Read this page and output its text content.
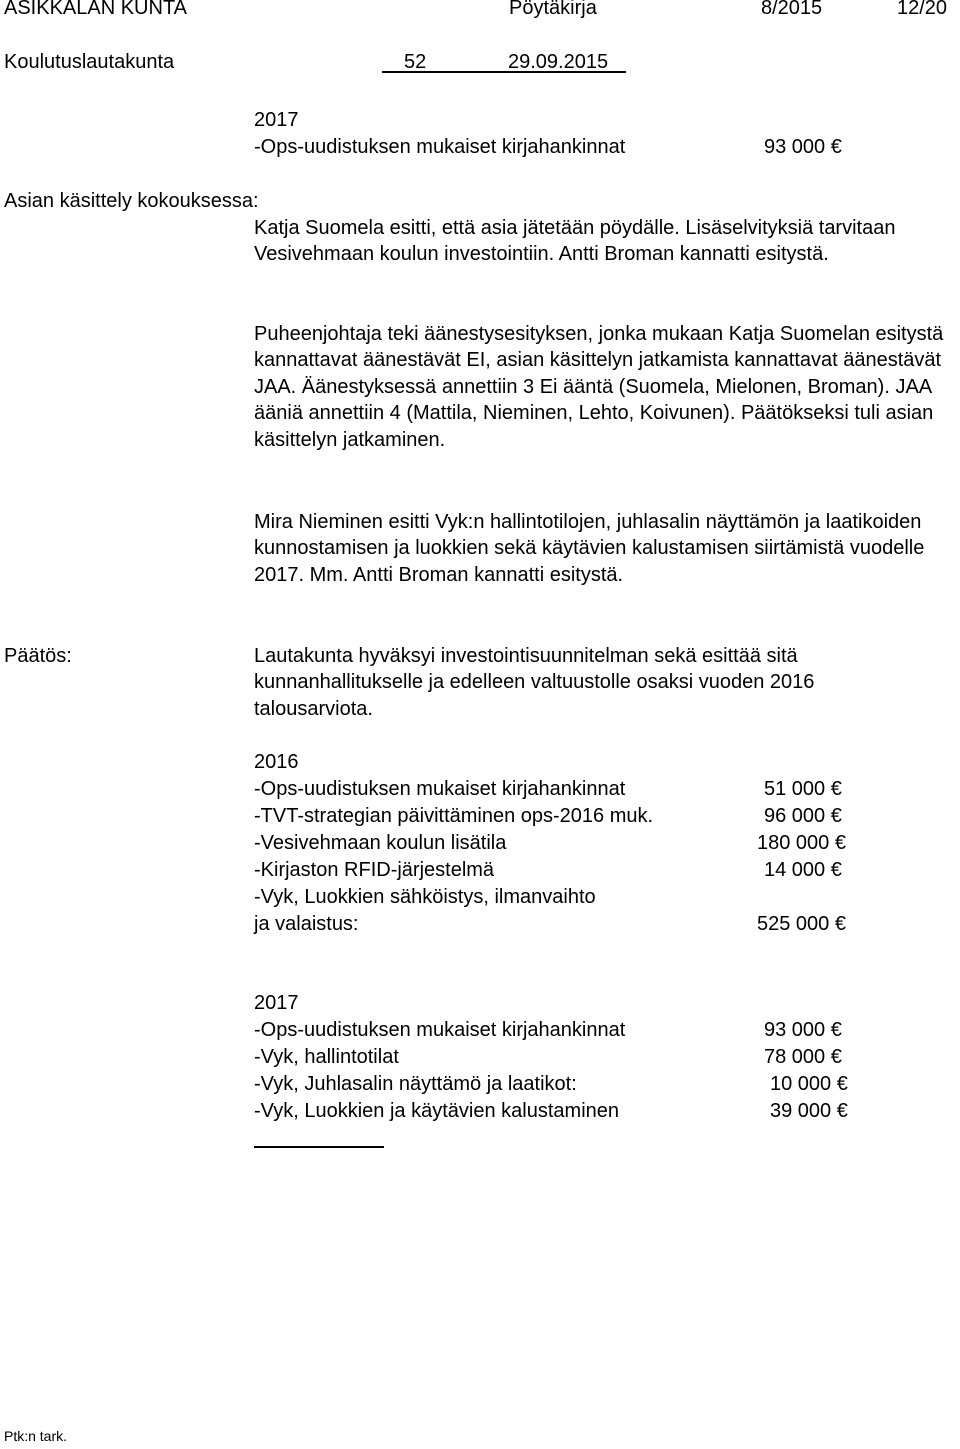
ASIKKALAN KUNTA	Pöytäkirja	8/2015	12/20
Koulutuslautakunta	52	29.09.2015
2017
-Ops-uudistuksen mukaiset kirjahankinnat	93 000 €
Asian käsittely kokouksessa:

Katja Suomela esitti, että asia jätetään pöydälle. Lisäselvityksiä tarvitaan Vesivehmaan koulun investointiin. Antti Broman kannatti esitystä.

Puheenjohtaja teki äänestysesityksen, jonka mukaan Katja Suomelan esitystä kannattavat äänestävät EI, asian käsittelyn jatkamista kannattavat äänestävät JAA. Äänestyksessä annettiin 3 Ei ääntä (Suomela, Mielonen, Broman). JAA ääniä annettiin 4 (Mattila, Nieminen, Lehto, Koivunen). Päätökseksi tuli asian käsittelyn jatkaminen.

Mira Nieminen esitti Vyk:n hallintotilojen, juhlasalin näyttämön ja laatikoiden kunnostamisen ja luokkien sekä käytävien kalustamisen siirtämistä vuodelle 2017. Mm. Antti Broman kannatti esitystä.

Päätös:	Lautakunta hyväksyi investointisuunnitelman sekä esittää sitä kunnanhallitukselle ja edelleen valtuustolle osaksi vuoden 2016 talousarviota.

2016
-Ops-uudistuksen mukaiset kirjahankinnat	51 000 €
-TVT-strategian päivittäminen ops-2016 muk.	96 000 €
-Vesivehmaan koulun lisätila	180 000 €
-Kirjaston RFID-järjestelmä	14 000 €
-Vyk, Luokkien sähköistys, ilmanvaihto
ja valaistus:	525 000 €
2017
-Ops-uudistuksen mukaiset kirjahankinnat	93 000 €
-Vyk, hallintotilat	78 000 €
-Vyk, Juhlasalin näyttämö ja laatikot:	10 000 €
-Vyk, Luokkien ja käytävien kalustaminen	39 000 €
Ptk:n tark.
